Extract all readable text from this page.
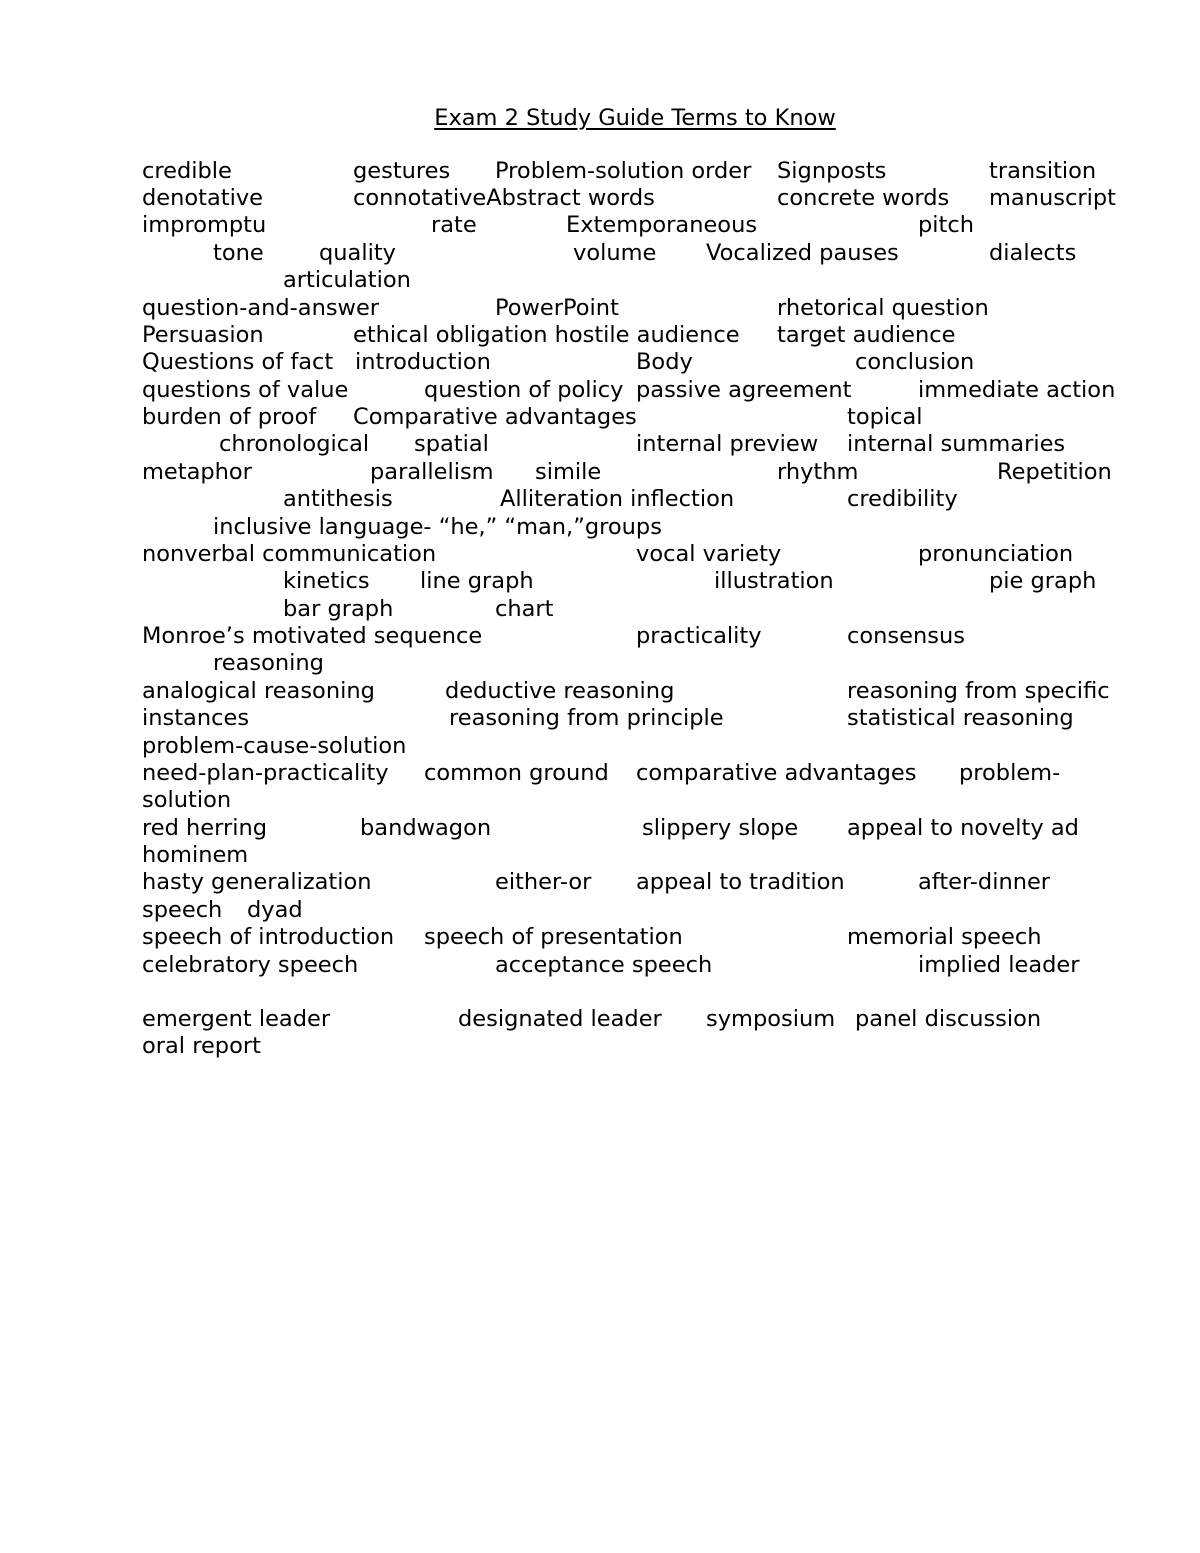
Exam 2 Study Guide Terms to Know
credible	gestures Problem-solution order Signposts	transition
denotative	connotativeAbstract words	concrete words manuscript
impromptu	rate	Extemporaneous	pitch
tone quality	volume Vocalized pauses	dialects
articulation
question-and-answer	PowerPoint	rhetorical question
Persuasion	ethical obligation hostile audience target audience
Questions of fact introduction	Body	conclusion
questions of value	question of policy passive agreement	immediate action
burden of proof Comparative advantages	topical
chronological spatial	internal preview internal summaries
metaphor	parallelism simile	rhythm	Repetition
antithesis	Alliteration inflection	credibility
inclusive language- “he,” “man,”groups
nonverbal communication	vocal variety	pronunciation
kinetics line graph	illustration	pie graph
bar graph	chart
Monroe’s motivated sequence	practicality	consensus
reasoning
analogical reasoning	deductive reasoning	reasoning from specific
instances	reasoning from principle	statistical reasoning
problem-cause-solution
need-plan-practicality common ground comparative advantages problem-
solution
red herring	bandwagon	slippery slope appeal to novelty ad
hominem
hasty generalization	either-or appeal to tradition	after-dinner
speech dyad
speech of introduction speech of presentation	memorial speech
celebratory speech	acceptance speech	implied leader
emergent leader	designated leader symposium panel discussion
oral report
